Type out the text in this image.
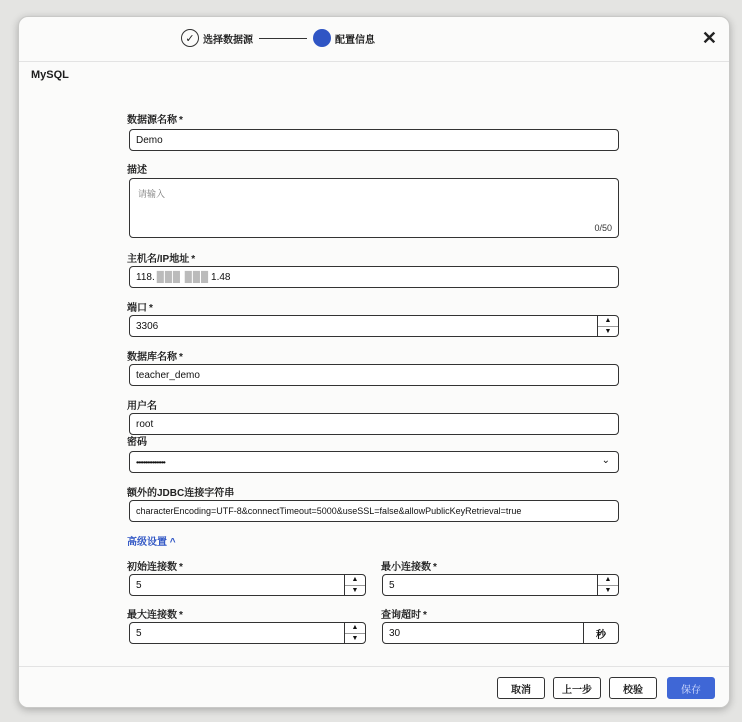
✓ 选择数据源	配置信息	✕
MySQL
数据源名称 *
Demo
描述
请输入
0/50
主机名/IP地址 *
118. ███ ███ 1.48
端口 *
3306	▲
▼
数据库名称 *
teacher_demo
用户名
root
密码
••••••••••••••••	⌄
额外的JDBC连接字符串
characterEncoding=UTF-8&connectTimeout=5000&useSSL=false&allowPublicKeyRetrieval=true
高级设置 ^
初始连接数 *
5	▲
▼
最小连接数 *
5	▲
▼
最大连接数 *
5	▲
▼
查询超时 *
30	秒
取消	上一步	校验	保存
